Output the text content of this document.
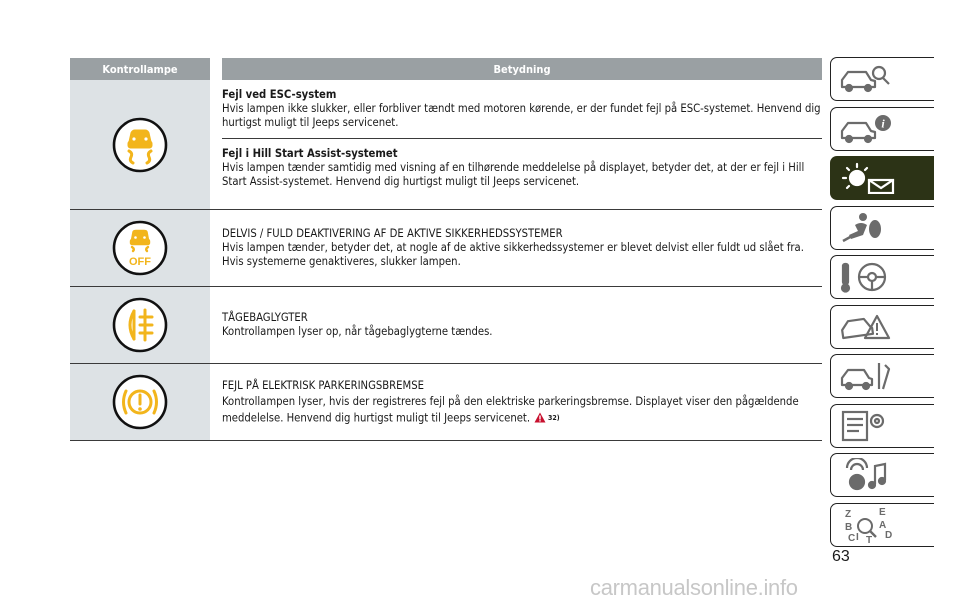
Kontrollampe	Betydning
Fejl ved ESC-system
Hvis lampen ikke slukker, eller forbliver tændt med motoren kørende, er der fundet fejl på ESC-systemet. Henvend dig hurtigst muligt til Jeeps servicenet.
Fejl i Hill Start Assist-systemet
Hvis lampen tænder samtidig med visning af en tilhørende meddelelse på displayet, betyder det, at der er fejl i Hill Start Assist-systemet. Henvend dig hurtigst muligt til Jeeps servicenet.
OFF
DELVIS / FULD DEAKTIVERING AF DE AKTIVE SIKKERHEDSSYSTEMER
Hvis lampen tænder, betyder det, at nogle af de aktive sikkerhedssystemer er blevet delvist eller fuldt ud slået fra. Hvis systemerne genaktiveres, slukker lampen.
TÅGEBAGLYGTER
Kontrollampen lyser op, når tågebaglygterne tændes.
FEJL PÅ ELEKTRISK PARKERINGSBREMSE
Kontrollampen lyser, hvis der registreres fejl på den elektriske parkeringsbremse. Displayet viser den pågældende meddelelse. Henvend dig hurtigst muligt til Jeeps servicenet.	32)
i
Z	E
A
B
I
C T D
63
carmanualsonline.info
